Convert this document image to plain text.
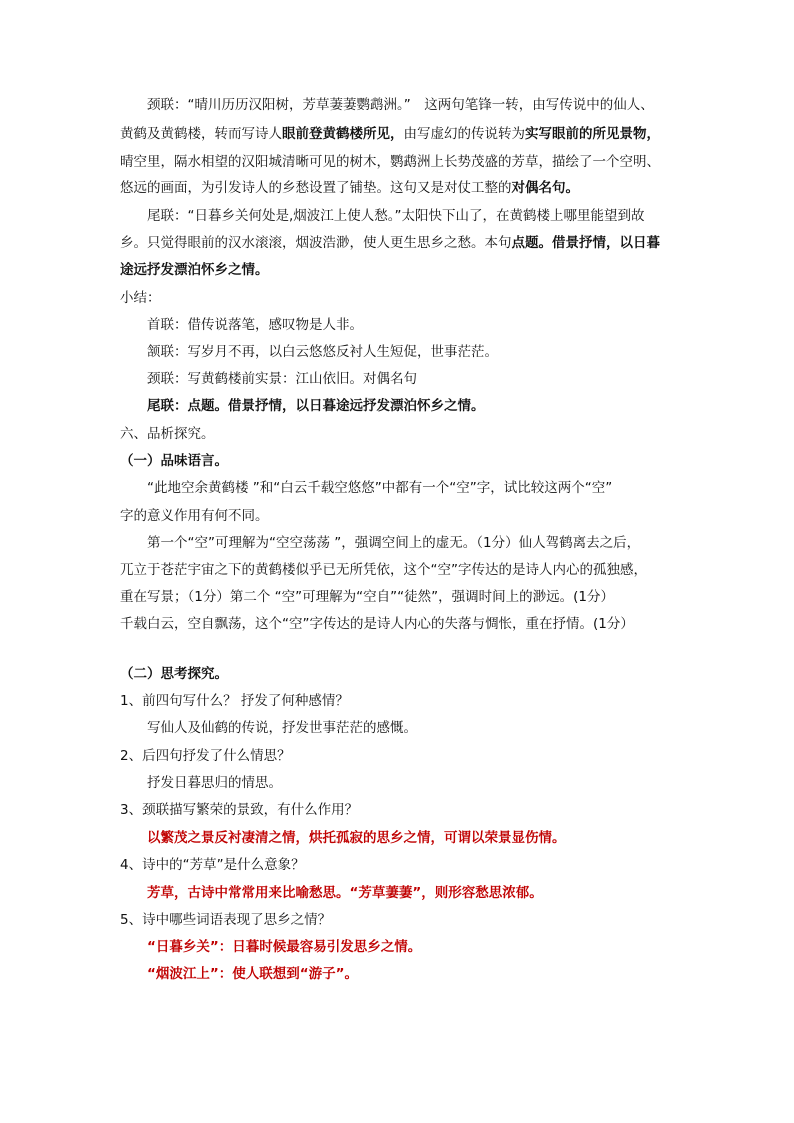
颈联：“晴川历历汉阳树，芳草萋萋鹦鹉洲。”　这两句笔锋一转，由写传说中的仙人、
黄鹤及黄鹤楼，转而写诗人眼前登黄鹤楼所见，由写虚幻的传说转为实写眼前的所见景物，
晴空里，隔水相望的汉阳城清晰可见的树木，鹦鹉洲上长势茂盛的芳草，描绘了一个空明、
悠远的画面，为引发诗人的乡愁设置了铺垫。这句又是对仗工整的对偶名句。
尾联：“日暮乡关何处是,烟波江上使人愁。”太阳快下山了，在黄鹤楼上哪里能望到故
乡。只觉得眼前的汉水滚滚，烟波浩渺，使人更生思乡之愁。本句点题。借景抒情，以日暮
途远抒发漂泊怀乡之情。
小结：
首联：借传说落笔，感叹物是人非。
颔联：写岁月不再，以白云悠悠反衬人生短促，世事茫茫。
颈联：写黄鹤楼前实景：江山依旧。对偶名句
尾联：点题。借景抒情，以日暮途远抒发漂泊怀乡之情。
六、品析探究。
（一）品味语言。
“此地空余黄鹤楼 ”和“白云千载空悠悠”中都有一个“空”字，试比较这两个“空”
字的意义作用有何不同。
第一个“空”可理解为“空空荡荡 ”，强调空间上的虚无。（1分）仙人驾鹤离去之后，
兀立于苍茫宇宙之下的黄鹤楼似乎已无所凭依，这个“空”字传达的是诗人内心的孤独感，
重在写景；（1分）第二个 “空”可理解为“空自”“徒然”，强调时间上的渺远。(1分）
千载白云，空自飘荡，这个“空”字传达的是诗人内心的失落与惆怅，重在抒情。(1分）
（二）思考探究。
1、前四句写什么？ 抒发了何种感情？
写仙人及仙鹤的传说，抒发世事茫茫的感慨。
2、后四句抒发了什么情思？
抒发日暮思归的情思。
3、颈联描写繁荣的景致，有什么作用？
以繁茂之景反衬凄清之情，烘托孤寂的思乡之情，可谓以荣景显伤情。
4、诗中的“芳草”是什么意象？
芳草，古诗中常常用来比喻愁思。“芳草萋萋”，则形容愁思浓郁。
5、诗中哪些词语表现了思乡之情？
“日暮乡关”：日暮时候最容易引发思乡之情。
“烟波江上”：使人联想到“游子”。
